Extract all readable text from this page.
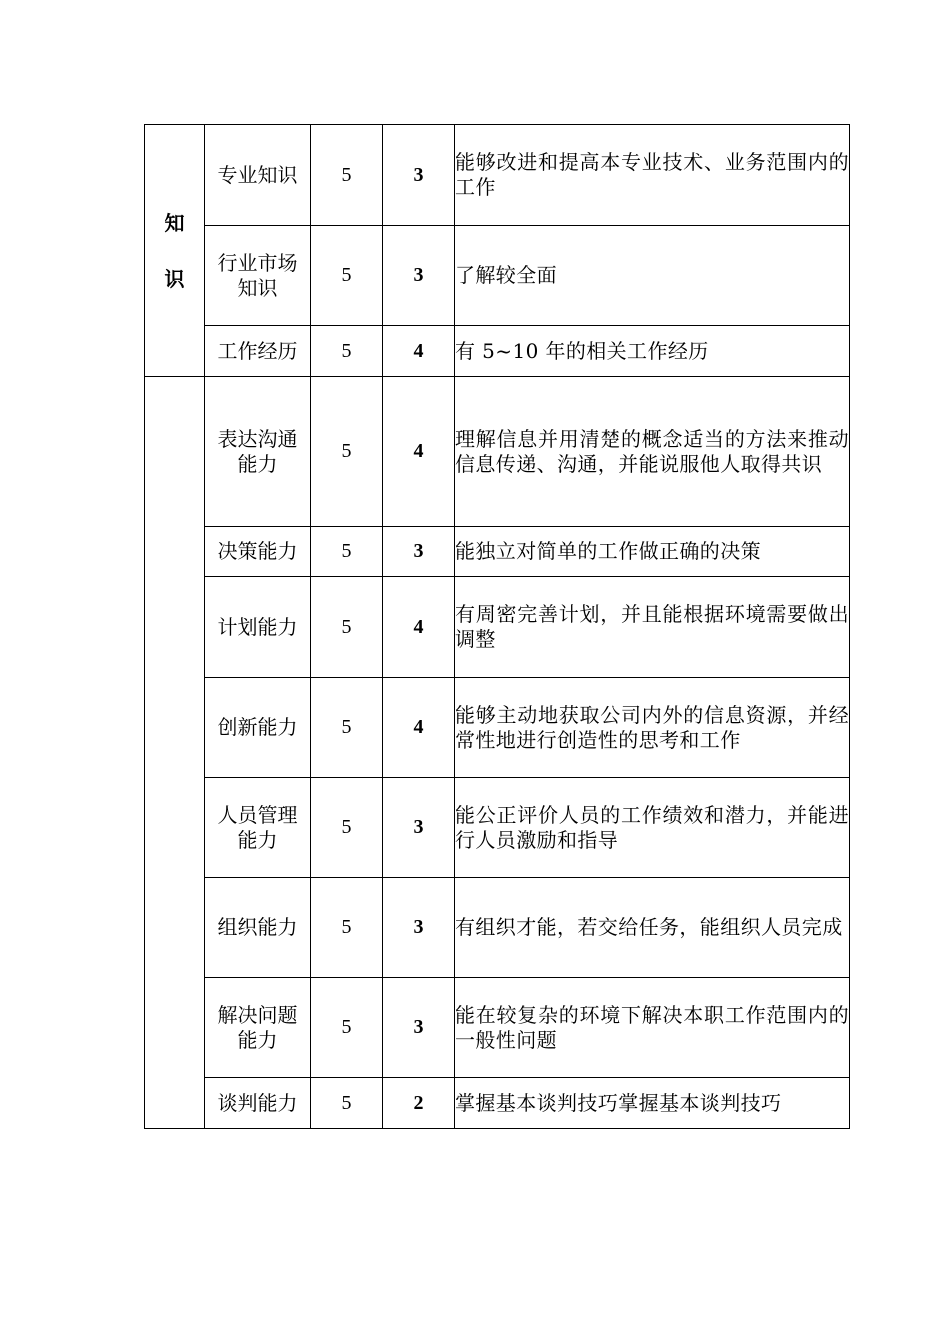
知识	专业知识	5	3	能够改进和提高本专业技术、业务范围内的工作
	行业市场知识	5	3	了解较全面
	工作经历	5	4	有 5~10 年的相关工作经历
	表达沟通能力	5	4	理解信息并用清楚的概念适当的方法来推动信息传递、沟通，并能说服他人取得共识
	决策能力	5	3	能独立对简单的工作做正确的决策
	计划能力	5	4	有周密完善计划，并且能根据环境需要做出调整
	创新能力	5	4	能够主动地获取公司内外的信息资源，并经常性地进行创造性的思考和工作
	人员管理能力	5	3	能公正评价人员的工作绩效和潜力，并能进行人员激励和指导
	组织能力	5	3	有组织才能，若交给任务，能组织人员完成
	解决问题能力	5	3	能在较复杂的环境下解决本职工作范围内的一般性问题
	谈判能力	5	2	掌握基本谈判技巧掌握基本谈判技巧
